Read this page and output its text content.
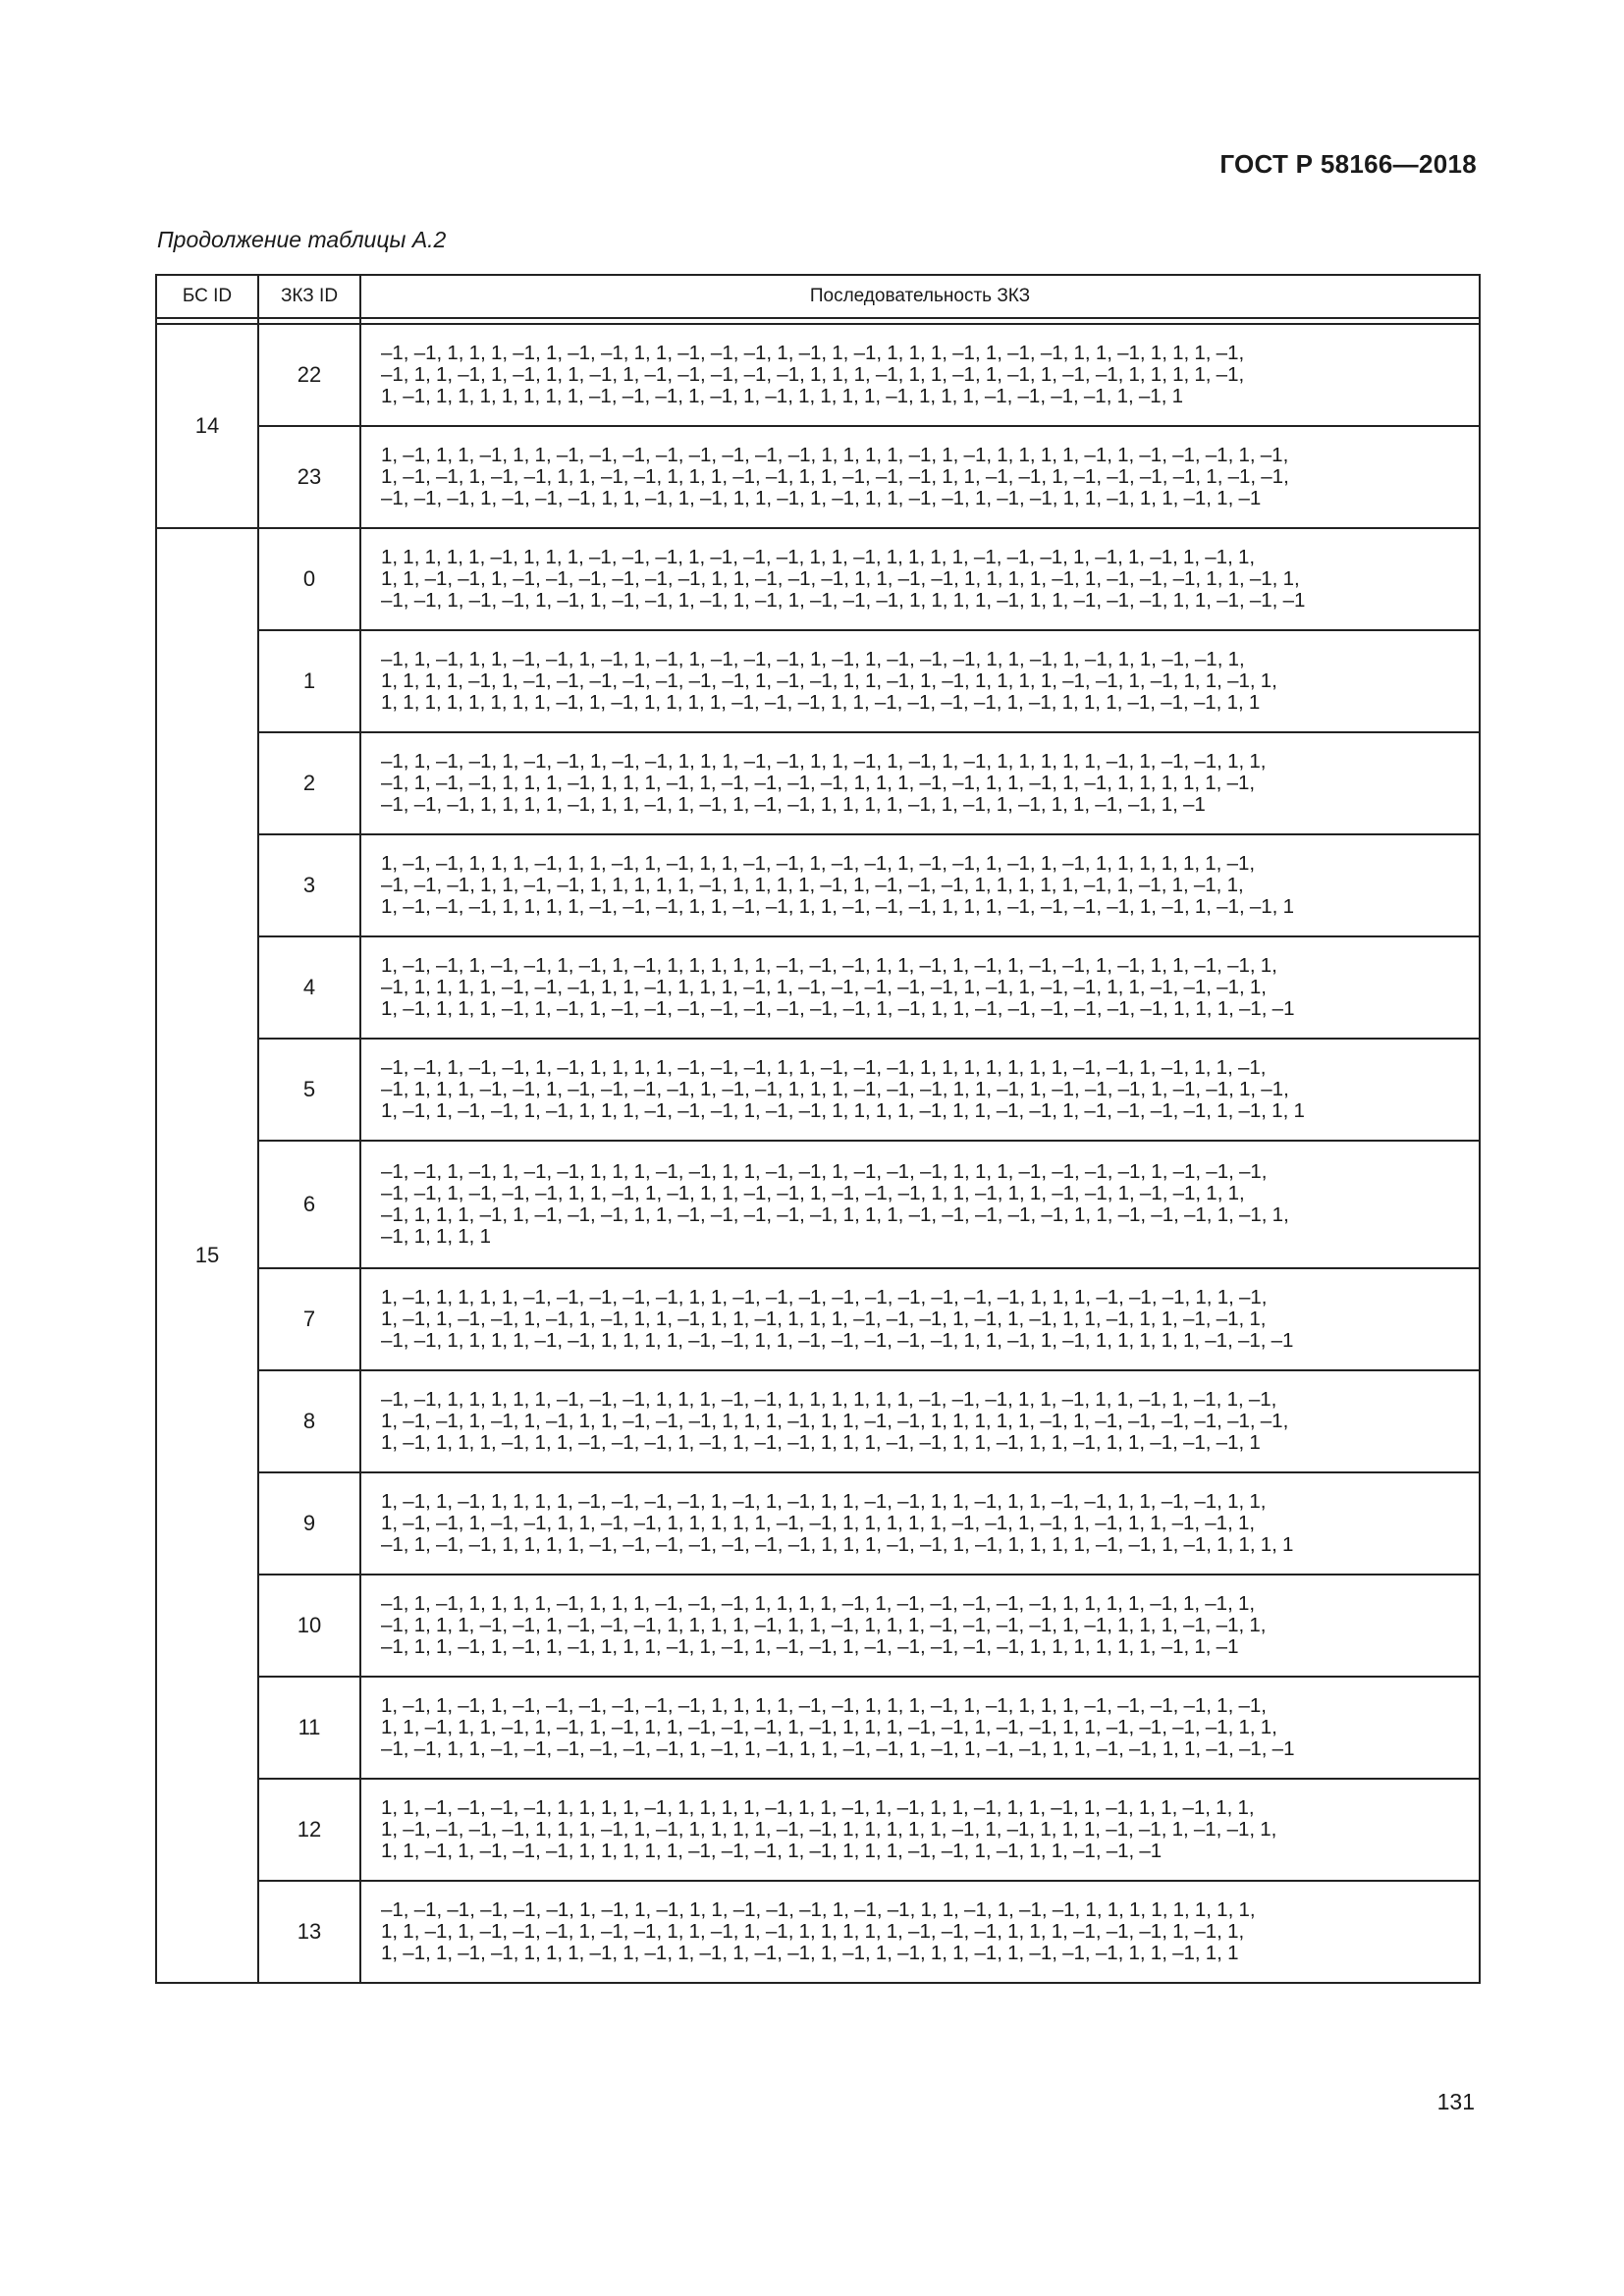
ГОСТ Р 58166—2018
Продолжение таблицы А.2
БС ID	ЗКЗ ID	Последовательность ЗКЗ

14	22	–1, –1, 1, 1, 1, –1, 1, –1, –1, 1, 1, –1, –1, –1, 1, –1, 1, –1, 1, 1, 1, –1, 1, –1, –1, 1, 1, –1, 1, 1, 1, –1,
–1, 1, 1, –1, 1, –1, 1, 1, –1, 1, –1, –1, –1, –1, –1, 1, 1, 1, –1, 1, 1, –1, 1, –1, 1, –1, –1, 1, 1, 1, 1, –1,
1, –1, 1, 1, 1, 1, 1, 1, 1, –1, –1, –1, 1, –1, 1, –1, 1, 1, 1, 1, –1, 1, 1, 1, –1, –1, –1, –1, 1, –1, 1

	23	1, –1, 1, 1, –1, 1, 1, –1, –1, –1, –1, –1, –1, –1, –1, 1, 1, 1, 1, –1, 1, –1, 1, 1, 1, 1, –1, 1, –1, –1, –1, 1, –1,
1, –1, –1, 1, –1, –1, 1, 1, –1, –1, 1, 1, 1, –1, –1, 1, 1, –1, –1, –1, 1, 1, –1, –1, 1, –1, –1, –1, –1, 1, –1, –1,
–1, –1, –1, 1, –1, –1, –1, 1, 1, –1, 1, –1, 1, 1, –1, 1, –1, 1, 1, –1, –1, 1, –1, –1, 1, 1, –1, 1, 1, –1, 1, –1

15	0	1, 1, 1, 1, 1, –1, 1, 1, 1, –1, –1, –1, 1, –1, –1, –1, 1, 1, –1, 1, 1, 1, 1, –1, –1, –1, 1, –1, 1, –1, 1, –1, 1,
1, 1, –1, –1, 1, –1, –1, –1, –1, –1, –1, 1, 1, –1, –1, –1, 1, 1, –1, –1, 1, 1, 1, 1, –1, 1, –1, –1, –1, 1, 1, –1, 1,
–1, –1, 1, –1, –1, 1, –1, 1, –1, –1, 1, –1, 1, –1, 1, –1, –1, –1, 1, 1, 1, 1, –1, 1, 1, –1, –1, –1, 1, 1, –1, –1, –1

	1	–1, 1, –1, 1, 1, –1, –1, 1, –1, 1, –1, 1, –1, –1, –1, 1, –1, 1, –1, –1, –1, 1, 1, –1, 1, –1, 1, 1, –1, –1, 1,
1, 1, 1, 1, –1, 1, –1, –1, –1, –1, –1, –1, –1, 1, –1, –1, 1, 1, –1, 1, –1, 1, 1, 1, 1, –1, –1, 1, –1, 1, 1, –1, 1,
1, 1, 1, 1, 1, 1, 1, 1, –1, 1, –1, 1, 1, 1, 1, –1, –1, –1, 1, 1, –1, –1, –1, –1, 1, –1, 1, 1, 1, –1, –1, –1, 1, 1

	2	–1, 1, –1, –1, 1, –1, –1, 1, –1, –1, 1, 1, 1, –1, –1, 1, 1, –1, 1, –1, 1, –1, 1, 1, 1, 1, 1, –1, 1, –1, –1, 1, 1,
–1, 1, –1, –1, 1, 1, 1, –1, 1, 1, 1, –1, 1, –1, –1, –1, –1, 1, 1, 1, –1, –1, 1, 1, –1, 1, –1, 1, 1, 1, 1, 1, –1,
–1, –1, –1, 1, 1, 1, 1, –1, 1, 1, –1, 1, –1, 1, –1, –1, 1, 1, 1, 1, –1, 1, –1, 1, –1, 1, 1, –1, –1, 1, –1

	3	1, –1, –1, 1, 1, 1, –1, 1, 1, –1, 1, –1, 1, 1, –1, –1, 1, –1, –1, 1, –1, –1, 1, –1, 1, –1, 1, 1, 1, 1, 1, 1, –1,
–1, –1, –1, 1, 1, –1, –1, 1, 1, 1, 1, 1, –1, 1, 1, 1, 1, –1, 1, –1, –1, –1, 1, 1, 1, 1, 1, –1, 1, –1, 1, –1, 1,
1, –1, –1, –1, 1, 1, 1, 1, –1, –1, –1, 1, 1, –1, –1, 1, 1, –1, –1, –1, 1, 1, 1, –1, –1, –1, –1, 1, –1, 1, –1, –1, 1

	4	1, –1, –1, 1, –1, –1, 1, –1, 1, –1, 1, 1, 1, 1, 1, –1, –1, –1, 1, 1, –1, 1, –1, 1, –1, –1, 1, –1, 1, 1, –1, –1, 1,
–1, 1, 1, 1, 1, –1, –1, –1, 1, 1, –1, 1, 1, 1, –1, 1, –1, –1, –1, –1, –1, 1, –1, 1, –1, –1, 1, 1, –1, –1, –1, 1,
1, –1, 1, 1, 1, –1, 1, –1, 1, –1, –1, –1, –1, –1, –1, –1, –1, 1, –1, 1, 1, –1, –1, –1, –1, –1, –1, 1, 1, 1, –1, –1

	5	–1, –1, 1, –1, –1, 1, –1, 1, 1, 1, 1, –1, –1, –1, 1, 1, –1, –1, –1, 1, 1, 1, 1, 1, 1, 1, –1, –1, 1, –1, 1, 1, –1,
–1, 1, 1, 1, –1, –1, 1, –1, –1, –1, –1, 1, –1, –1, 1, 1, 1, –1, –1, –1, 1, 1, –1, 1, –1, –1, –1, 1, –1, –1, 1, –1,
1, –1, 1, –1, –1, 1, –1, 1, 1, 1, –1, –1, –1, 1, –1, –1, 1, 1, 1, 1, –1, 1, 1, –1, –1, 1, –1, –1, –1, –1, 1, –1, 1, 1

	6	–1, –1, 1, –1, 1, –1, –1, 1, 1, 1, –1, –1, 1, 1, –1, –1, 1, –1, –1, –1, 1, 1, 1, –1, –1, –1, –1, 1, –1, –1, –1,
–1, –1, 1, –1, –1, –1, 1, 1, –1, 1, –1, 1, 1, –1, –1, 1, –1, –1, –1, 1, 1, –1, 1, 1, –1, –1, 1, –1, –1, 1, 1,
–1, 1, 1, 1, –1, 1, –1, –1, –1, 1, 1, –1, –1, –1, –1, –1, 1, 1, 1, –1, –1, –1, –1, –1, 1, 1, –1, –1, –1, 1, –1, 1,
–1, 1, 1, 1, 1

	7	1, –1, 1, 1, 1, 1, –1, –1, –1, –1, –1, 1, 1, –1, –1, –1, –1, –1, –1, –1, –1, –1, 1, 1, 1, –1, –1, –1, 1, 1, –1,
1, –1, 1, –1, –1, 1, –1, 1, –1, 1, 1, –1, 1, 1, –1, 1, 1, 1, –1, –1, –1, 1, –1, 1, –1, 1, 1, –1, 1, 1, –1, –1, 1,
–1, –1, 1, 1, 1, 1, –1, –1, 1, 1, 1, 1, –1, –1, 1, 1, –1, –1, –1, –1, –1, 1, 1, –1, 1, –1, 1, 1, 1, 1, 1, –1, –1, –1

	8	–1, –1, 1, 1, 1, 1, 1, –1, –1, –1, 1, 1, 1, –1, –1, 1, 1, 1, 1, 1, 1, –1, –1, –1, 1, 1, –1, 1, 1, –1, 1, –1, 1, –1,
1, –1, –1, 1, –1, 1, –1, 1, 1, –1, –1, –1, 1, 1, 1, –1, 1, 1, –1, –1, 1, 1, 1, 1, 1, –1, 1, –1, –1, –1, –1, –1, –1,
1, –1, 1, 1, 1, –1, 1, 1, –1, –1, –1, 1, –1, 1, –1, –1, 1, 1, 1, –1, –1, 1, 1, –1, 1, 1, –1, 1, 1, –1, –1, –1, 1

	9	1, –1, 1, –1, 1, 1, 1, 1, –1, –1, –1, –1, 1, –1, 1, –1, 1, 1, –1, –1, 1, 1, –1, 1, 1, –1, –1, 1, 1, –1, –1, 1, 1,
1, –1, –1, 1, –1, –1, 1, 1, –1, –1, 1, 1, 1, 1, 1, –1, –1, 1, 1, 1, 1, 1, –1, –1, 1, –1, 1, –1, 1, 1, –1, –1, 1,
–1, 1, –1, –1, 1, 1, 1, 1, –1, –1, –1, –1, –1, –1, –1, 1, 1, 1, –1, –1, 1, –1, 1, 1, 1, 1, –1, –1, 1, –1, 1, 1, 1, 1

	10	–1, 1, –1, 1, 1, 1, 1, –1, 1, 1, 1, –1, –1, –1, 1, 1, 1, 1, –1, 1, –1, –1, –1, –1, –1, 1, 1, 1, 1, –1, 1, –1, 1,
–1, 1, 1, 1, –1, –1, 1, –1, –1, –1, 1, 1, 1, 1, –1, 1, 1, –1, 1, 1, 1, –1, –1, –1, –1, 1, –1, 1, 1, 1, –1, –1, 1,
–1, 1, 1, –1, 1, –1, 1, –1, 1, 1, 1, –1, 1, –1, 1, –1, –1, 1, –1, –1, –1, –1, –1, 1, 1, 1, 1, 1, 1, –1, 1, –1

	11	1, –1, 1, –1, 1, –1, –1, –1, –1, –1, –1, 1, 1, 1, 1, –1, –1, 1, 1, 1, –1, 1, –1, 1, 1, 1, –1, –1, –1, –1, 1, –1,
1, 1, –1, 1, 1, –1, 1, –1, 1, –1, 1, 1, –1, –1, –1, 1, –1, 1, 1, 1, –1, –1, 1, –1, –1, 1, 1, –1, –1, –1, –1, 1, 1,
–1, –1, 1, 1, –1, –1, –1, –1, –1, –1, 1, –1, 1, –1, 1, 1, –1, –1, 1, –1, 1, –1, –1, 1, 1, –1, –1, 1, 1, –1, –1, –1

	12	1, 1, –1, –1, –1, –1, 1, 1, 1, 1, –1, 1, 1, 1, 1, –1, 1, 1, –1, 1, –1, 1, 1, –1, 1, 1, –1, 1, –1, 1, 1, –1, 1, 1,
1, –1, –1, –1, –1, 1, 1, 1, –1, 1, –1, 1, 1, 1, 1, –1, –1, 1, 1, 1, 1, 1, –1, 1, –1, 1, 1, 1, –1, –1, 1, –1, –1, 1,
1, 1, –1, 1, –1, –1, –1, 1, 1, 1, 1, 1, –1, –1, –1, 1, –1, 1, 1, 1, –1, –1, 1, –1, 1, 1, –1, –1, –1

	13	–1, –1, –1, –1, –1, –1, 1, –1, 1, –1, 1, 1, –1, –1, –1, 1, –1, –1, 1, 1, –1, 1, –1, –1, 1, 1, 1, 1, 1, 1, 1, 1,
1, 1, –1, 1, –1, –1, –1, 1, –1, –1, 1, 1, –1, 1, –1, 1, 1, 1, 1, 1, –1, –1, –1, 1, 1, 1, –1, –1, –1, 1, –1, 1,
1, –1, 1, –1, –1, 1, 1, 1, –1, 1, –1, 1, –1, 1, –1, –1, 1, –1, 1, –1, 1, 1, –1, 1, –1, –1, –1, 1, 1, –1, 1, 1
131
